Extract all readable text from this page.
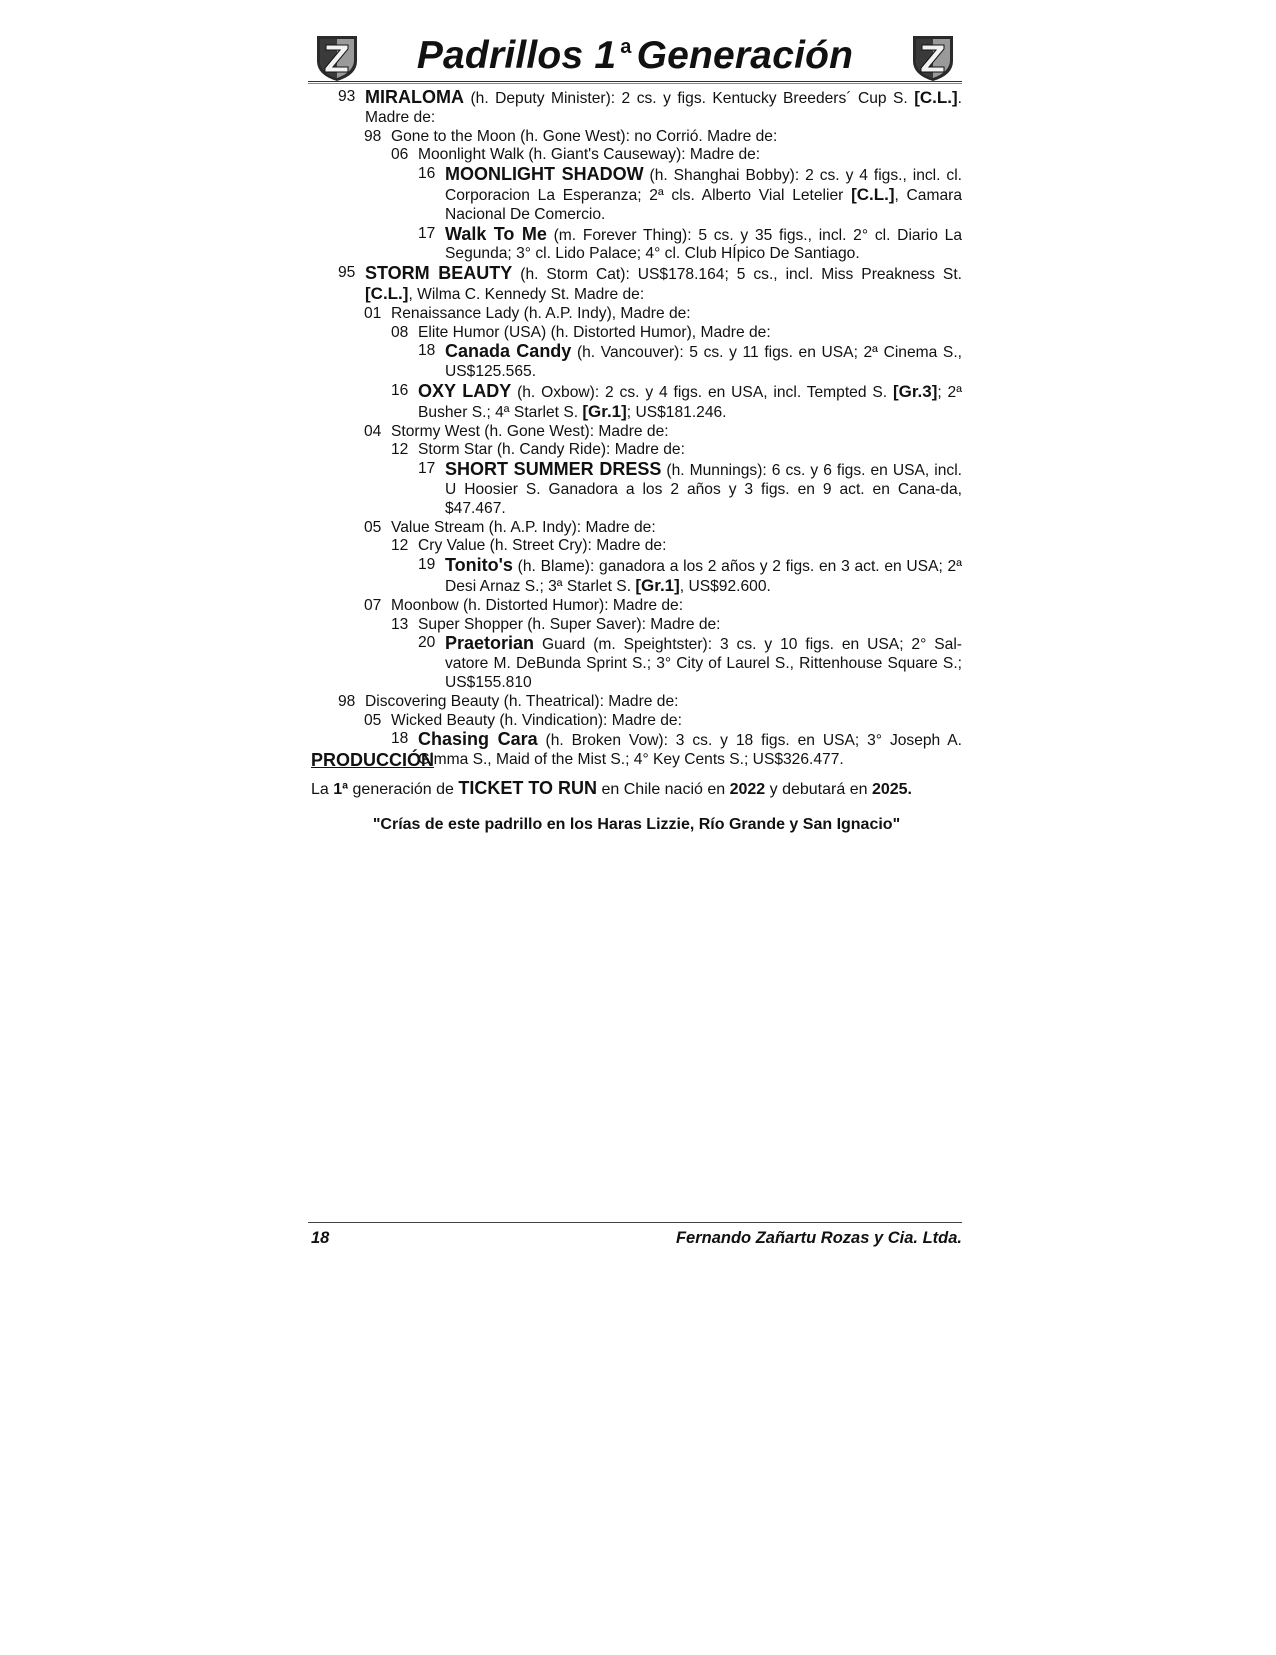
Padrillos 1 $^a$ Generación
93 MIRALOMA (h. Deputy Minister): 2 cs. y figs. Kentucky Breeders´ Cup S. [C.L.]. Madre de:
98 Gone to the Moon (h. Gone West): no Corrió. Madre de:
06 Moonlight Walk (h. Giant's Causeway): Madre de:
16 MOONLIGHT SHADOW (h. Shanghai Bobby): 2 cs. y 4 figs., incl. cl. Corporacion La Esperanza; 2ª cls. Alberto Vial Letelier [C.L.], Camara Nacional De Comercio.
17 Walk To Me (m. Forever Thing): 5 cs. y 35 figs., incl. 2° cl. Diario La Segunda; 3° cl. Lido Palace; 4° cl. Club HÍpico De Santiago.
95 STORM BEAUTY (h. Storm Cat): US$178.164; 5 cs., incl. Miss Preakness St. [C.L.], Wilma C. Kennedy St. Madre de:
01 Renaissance Lady (h. A.P. Indy), Madre de:
08 Elite Humor (USA) (h. Distorted Humor), Madre de:
18 Canada Candy (h. Vancouver): 5 cs. y 11 figs. en USA; 2ª Cinema S., US$125.565.
16 OXY LADY (h. Oxbow): 2 cs. y 4 figs. en USA, incl. Tempted S. [Gr.3]; 2ª Busher S.; 4ª Starlet S. [Gr.1]; US$181.246.
04 Stormy West (h. Gone West): Madre de:
12 Storm Star (h. Candy Ride): Madre de:
17 SHORT SUMMER DRESS (h. Munnings): 6 cs. y 6 figs. en USA, incl. U Hoosier S. Ganadora a los 2 años y 3 figs. en 9 act. en Cana-da, $47.467.
05 Value Stream (h. A.P. Indy): Madre de:
12 Cry Value (h. Street Cry): Madre de:
19 Tonito's (h. Blame): ganadora a los 2 años y 2 figs. en 3 act. en USA; 2ª Desi Arnaz S.; 3ª Starlet S. [Gr.1], US$92.600.
07 Moonbow (h. Distorted Humor): Madre de:
13 Super Shopper (h. Super Saver): Madre de:
20 Praetorian Guard (m. Speightster): 3 cs. y 10 figs. en USA; 2° Sal-vatore M. DeBunda Sprint S.; 3° City of Laurel S., Rittenhouse Square S.; US$155.810
98 Discovering Beauty (h. Theatrical): Madre de:
05 Wicked Beauty (h. Vindication): Madre de:
18 Chasing Cara (h. Broken Vow): 3 cs. y 18 figs. en USA; 3° Joseph A. Gimma S., Maid of the Mist S.; 4° Key Cents S.; US$326.477.
PRODUCCIÓN
La 1ª generación de TICKET TO RUN en Chile nació en 2022 y debutará en 2025.
"Crías de este padrillo en los Haras Lizzie, Río Grande y San Ignacio"
18	Fernando Zañartu Rozas y Cia. Ltda.
